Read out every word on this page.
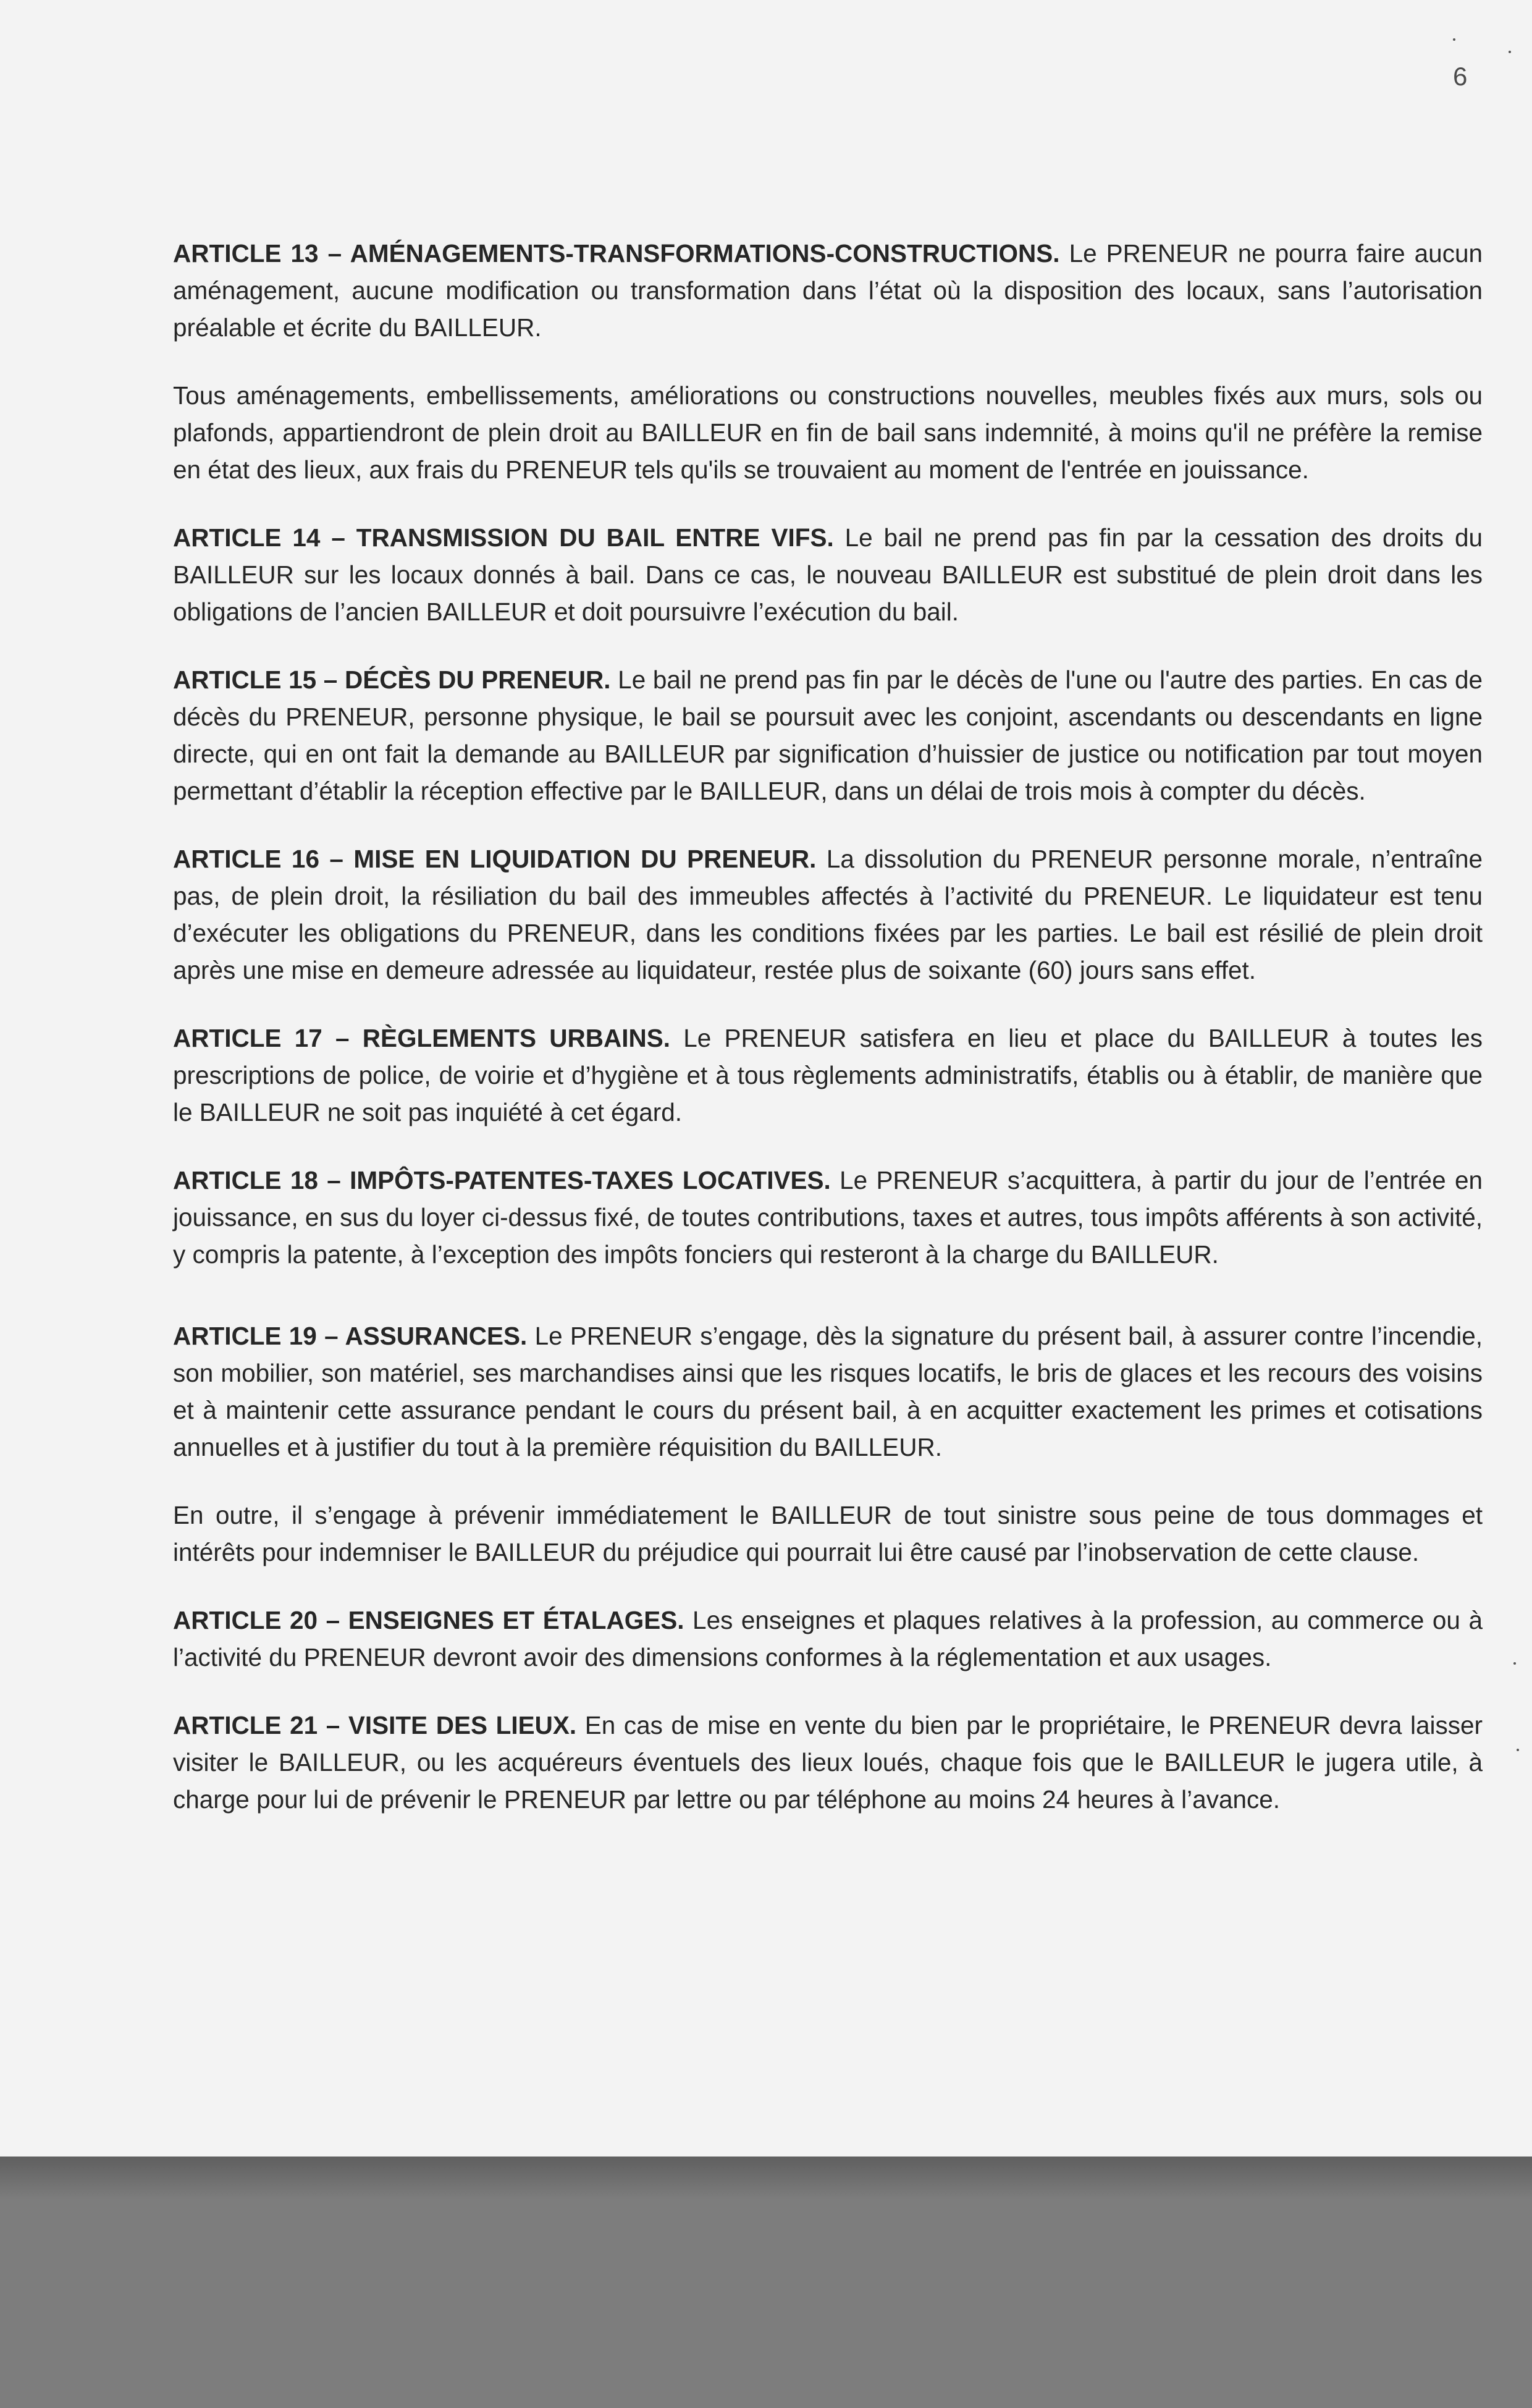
6

ARTICLE 13 – AMÉNAGEMENTS-TRANSFORMATIONS-CONSTRUCTIONS. Le PRENEUR ne pourra faire aucun aménagement, aucune modification ou transformation dans l’état où la disposition des locaux, sans l’autorisation préalable et écrite du BAILLEUR.

Tous aménagements, embellissements, améliorations ou constructions nouvelles, meubles fixés aux murs, sols ou plafonds, appartiendront de plein droit au BAILLEUR en fin de bail sans indemnité, à moins qu'il ne préfère la remise en état des lieux, aux frais du PRENEUR tels qu'ils se trouvaient au moment de l'entrée en jouissance.

ARTICLE 14 – TRANSMISSION DU BAIL ENTRE VIFS. Le bail ne prend pas fin par la cessation des droits du BAILLEUR sur les locaux donnés à bail. Dans ce cas, le nouveau BAILLEUR est substitué de plein droit dans les obligations de l’ancien BAILLEUR et doit poursuivre l’exécution du bail.

ARTICLE 15 – DÉCÈS DU PRENEUR. Le bail ne prend pas fin par le décès de l'une ou l'autre des parties. En cas de décès du PRENEUR, personne physique, le bail se poursuit avec les conjoint, ascendants ou descendants en ligne directe, qui en ont fait la demande au BAILLEUR par signification d’huissier de justice ou notification par tout moyen permettant d’établir la réception effective par le BAILLEUR, dans un délai de trois mois à compter du décès.

ARTICLE 16 – MISE EN LIQUIDATION DU PRENEUR. La dissolution du PRENEUR personne morale, n’entraîne pas, de plein droit, la résiliation du bail des immeubles affectés à l’activité du PRENEUR. Le liquidateur est tenu d’exécuter les obligations du PRENEUR, dans les conditions fixées par les parties. Le bail est résilié de plein droit après une mise en demeure adressée au liquidateur, restée plus de soixante (60) jours sans effet.

ARTICLE 17 – RÈGLEMENTS URBAINS. Le PRENEUR satisfera en lieu et place du BAILLEUR à toutes les prescriptions de police, de voirie et d’hygiène et à tous règlements administratifs, établis ou à établir, de manière que le BAILLEUR ne soit pas inquiété à cet égard.

ARTICLE 18 – IMPÔTS-PATENTES-TAXES LOCATIVES. Le PRENEUR s’acquittera, à partir du jour de l’entrée en jouissance, en sus du loyer ci-dessus fixé, de toutes contributions, taxes et autres, tous impôts afférents à son activité, y compris la patente, à l’exception des impôts fonciers qui resteront à la charge du BAILLEUR.

ARTICLE 19 – ASSURANCES. Le PRENEUR s’engage, dès la signature du présent bail, à assurer contre l’incendie, son mobilier, son matériel, ses marchandises ainsi que les risques locatifs, le bris de glaces et les recours des voisins et à maintenir cette assurance pendant le cours du présent bail, à en acquitter exactement les primes et cotisations annuelles et à justifier du tout à la première réquisition du BAILLEUR.

En outre, il s’engage à prévenir immédiatement le BAILLEUR de tout sinistre sous peine de tous dommages et intérêts pour indemniser le BAILLEUR du préjudice qui pourrait lui être causé par l’inobservation de cette clause.

ARTICLE 20 – ENSEIGNES ET ÉTALAGES. Les enseignes et plaques relatives à la profession, au commerce ou à l’activité du PRENEUR devront avoir des dimensions conformes à la réglementation et aux usages.

ARTICLE 21 – VISITE DES LIEUX. En cas de mise en vente du bien par le propriétaire, le PRENEUR devra laisser visiter le BAILLEUR, ou les acquéreurs éventuels des lieux loués, chaque fois que le BAILLEUR le jugera utile, à charge pour lui de prévenir le PRENEUR par lettre ou par téléphone au moins 24 heures à l’avance.
